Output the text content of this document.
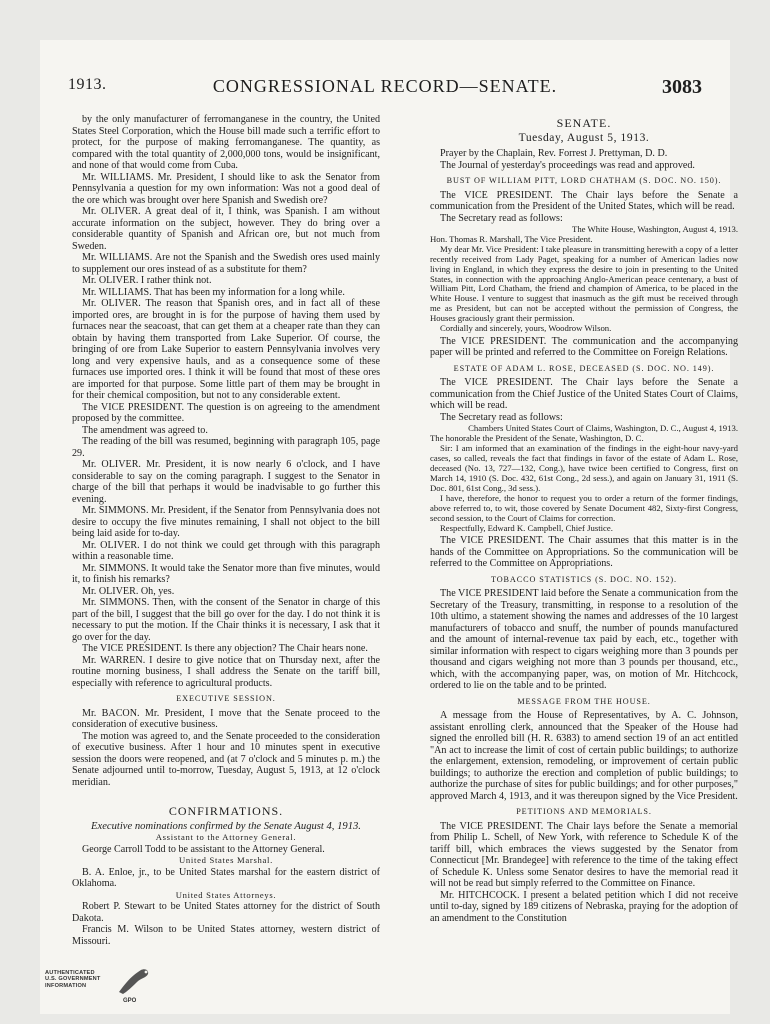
1913.	CONGRESSIONAL RECORD—SENATE.	3083

by the only manufacturer of ferromanganese in the country, the United States Steel Corporation, which the House bill made such a terrific effort to protect, for the purpose of making ferromanganese. The quantity, as compared with the total quantity of 2,000,000 tons, would be insignificant, and none of that would come from Cuba.

Mr. WILLIAMS. Mr. President, I should like to ask the Senator from Pennsylvania a question for my own information: Was not a good deal of the ore which was brought over here Spanish and Swedish ore?

Mr. OLIVER. A great deal of it, I think, was Spanish. I am without accurate information on the subject, however. They do bring over a considerable quantity of Spanish and African ore, but not much from Sweden.

Mr. WILLIAMS. Are not the Spanish and the Swedish ores used mainly to supplement our ores instead of as a substitute for them?

Mr. OLIVER. I rather think not.

Mr. WILLIAMS. That has been my information for a long while.

Mr. OLIVER. The reason that Spanish ores, and in fact all of these imported ores, are brought in is for the purpose of having them used by furnaces near the seacoast, that can get them at a cheaper rate than they can obtain by having them transported from Lake Superior. Of course, the bringing of ore from Lake Superior to eastern Pennsylvania involves very long and very expensive hauls, and as a consequence some of these furnaces use imported ores. I think it will be found that most of these ores are imported for that purpose. Some little part of them may be brought in for their chemical composition, but not to any considerable extent.

The VICE PRESIDENT. The question is on agreeing to the amendment proposed by the committee.

The amendment was agreed to.

The reading of the bill was resumed, beginning with paragraph 105, page 29.

Mr. OLIVER. Mr. President, it is now nearly 6 o'clock, and I have considerable to say on the coming paragraph. I suggest to the Senator in charge of the bill that perhaps it would be inadvisable to go further this evening.

Mr. SIMMONS. Mr. President, if the Senator from Pennsylvania does not desire to occupy the five minutes remaining, I shall not object to the bill being laid aside for to-day.

Mr. OLIVER. I do not think we could get through with this paragraph within a reasonable time.

Mr. SIMMONS. It would take the Senator more than five minutes, would it, to finish his remarks?

Mr. OLIVER. Oh, yes.

Mr. SIMMONS. Then, with the consent of the Senator in charge of this part of the bill, I suggest that the bill go over for the day. I do not think it is necessary to put the motion. If the Chair thinks it is necessary, I ask that it go over for the day.

The VICE PRESIDENT. Is there any objection? The Chair hears none.

Mr. WARREN. I desire to give notice that on Thursday next, after the routine morning business, I shall address the Senate on the tariff bill, especially with reference to agricultural products.

EXECUTIVE SESSION.

Mr. BACON. Mr. President, I move that the Senate proceed to the consideration of executive business.

The motion was agreed to, and the Senate proceeded to the consideration of executive business. After 1 hour and 10 minutes spent in executive session the doors were reopened, and (at 7 o'clock and 5 minutes p. m.) the Senate adjourned until to-morrow, Tuesday, August 5, 1913, at 12 o'clock meridian.

CONFIRMATIONS.

Executive nominations confirmed by the Senate August 4, 1913.

Assistant to the Attorney General.

George Carroll Todd to be assistant to the Attorney General.

United States Marshal.

B. A. Enloe, jr., to be United States marshal for the eastern district of Oklahoma.

United States Attorneys.

Robert P. Stewart to be United States attorney for the district of South Dakota.

Francis M. Wilson to be United States attorney, western district of Missouri.

SENATE.

Tuesday, August 5, 1913.

Prayer by the Chaplain, Rev. Forrest J. Prettyman, D. D.

The Journal of yesterday's proceedings was read and approved.

BUST OF WILLIAM PITT, LORD CHATHAM (S. DOC. NO. 150).

The VICE PRESIDENT. The Chair lays before the Senate a communication from the President of the United States, which will be read.

The Secretary read as follows:

The White House, Washington, August 4, 1913.

Hon. Thomas R. Marshall, The Vice President.

My dear Mr. Vice President: I take pleasure in transmitting herewith a copy of a letter recently received from Lady Paget, speaking for a number of American ladies now living in England, in which they express the desire to join in presenting to the United States, in connection with the approaching Anglo-American peace centenary, a bust of William Pitt, Lord Chatham, the friend and champion of America, to be placed in the White House. I venture to suggest that inasmuch as the gift must be received through me as President, but can not be accepted without the permission of Congress, the Houses graciously grant their permission.

Cordially and sincerely, yours, Woodrow Wilson.

The VICE PRESIDENT. The communication and the accompanying paper will be printed and referred to the Committee on Foreign Relations.

ESTATE OF ADAM L. ROSE, DECEASED (S. DOC. NO. 149).

The VICE PRESIDENT. The Chair lays before the Senate a communication from the Chief Justice of the United States Court of Claims, which will be read.

The Secretary read as follows:

Chambers United States Court of Claims, Washington, D. C., August 4, 1913.

The honorable the President of the Senate, Washington, D. C.

Sir: I am informed that an examination of the findings in the eight-hour navy-yard cases, so called, reveals the fact that findings in favor of the estate of Adam L. Rose, deceased (No. 13, 727—132, Cong.), have twice been certified to Congress, first on March 14, 1910 (S. Doc. 432, 61st Cong., 2d sess.), and again on January 31, 1911 (S. Doc. 801, 61st Cong., 3d sess.).

I have, therefore, the honor to request you to order a return of the former findings, above referred to, to wit, those covered by Senate Document 482, Sixty-first Congress, second session, to the Court of Claims for correction.

Respectfully, Edward K. Campbell, Chief Justice.

The VICE PRESIDENT. The Chair assumes that this matter is in the hands of the Committee on Appropriations. So the communication will be referred to the Committee on Appropriations.

TOBACCO STATISTICS (S. DOC. NO. 152).

The VICE PRESIDENT laid before the Senate a communication from the Secretary of the Treasury, transmitting, in response to a resolution of the 10th ultimo, a statement showing the names and addresses of the 10 largest manufacturers of tobacco and snuff, the number of pounds manufactured and the amount of internal-revenue tax paid by each, etc., together with similar information with respect to cigars weighing more than 3 pounds per thousand and cigars weighing not more than 3 pounds per thousand, etc., which, with the accompanying paper, was, on motion of Mr. Hitchcock, ordered to lie on the table and to be printed.

MESSAGE FROM THE HOUSE.

A message from the House of Representatives, by A. C. Johnson, assistant enrolling clerk, announced that the Speaker of the House had signed the enrolled bill (H. R. 6383) to amend section 19 of an act entitled "An act to increase the limit of cost of certain public buildings; to authorize the enlargement, extension, remodeling, or improvement of certain public buildings; to authorize the erection and completion of public buildings; to authorize the purchase of sites for public buildings; and for other purposes," approved March 4, 1913, and it was thereupon signed by the Vice President.

PETITIONS AND MEMORIALS.

The VICE PRESIDENT. The Chair lays before the Senate a memorial from Philip L. Schell, of New York, with reference to Schedule K of the tariff bill, which embraces the views suggested by the Senator from Connecticut [Mr. Brandegee] with reference to the time of the taking effect of Schedule K. Unless some Senator desires to have the memorial read it will not be read but simply referred to the Committee on Finance.

Mr. HITCHCOCK. I present a belated petition which I did not receive until to-day, signed by 189 citizens of Nebraska, praying for the adoption of an amendment to the Constitution

AUTHENTICATED
U.S. GOVERNMENT
INFORMATION
GPO
